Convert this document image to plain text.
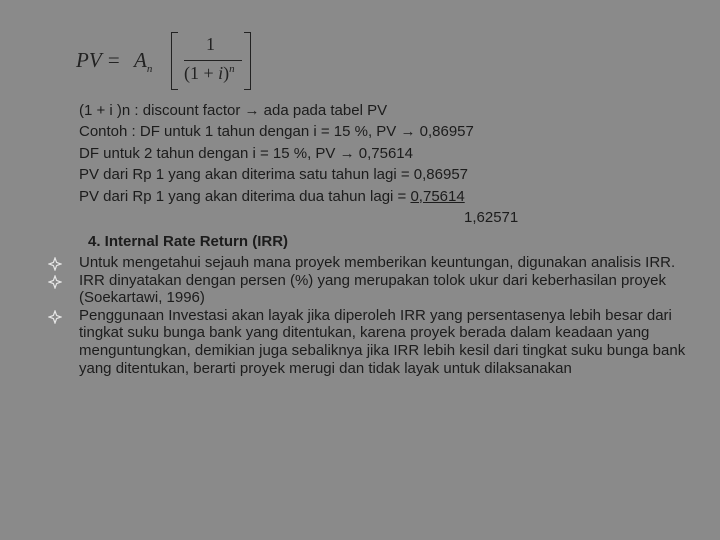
PV = $A_n$
1
$(1 + i)^n$
(1 + i )n : discount factor → ada pada tabel PV
Contoh : DF untuk 1 tahun dengan i = 15 %, PV → 0,86957
DF untuk 2 tahun dengan i = 15 %, PV → 0,75614
PV dari Rp 1 yang akan diterima satu tahun lagi = 0,86957
PV dari Rp 1 yang akan diterima dua tahun lagi = 0,75614
1,62571
4. Internal Rate Return (IRR)
Untuk mengetahui sejauh mana proyek memberikan keuntungan, digunakan analisis IRR.
IRR dinyatakan dengan persen (%) yang merupakan tolok ukur dari keberhasilan proyek (Soekartawi, 1996)
Penggunaan Investasi akan layak jika diperoleh IRR yang persentasenya lebih besar dari tingkat suku bunga bank yang ditentukan, karena proyek berada dalam keadaan yang menguntungkan, demikian juga sebaliknya jika IRR lebih kesil dari tingkat suku bunga bank yang ditentukan, berarti proyek merugi dan tidak layak untuk dilaksanakan
